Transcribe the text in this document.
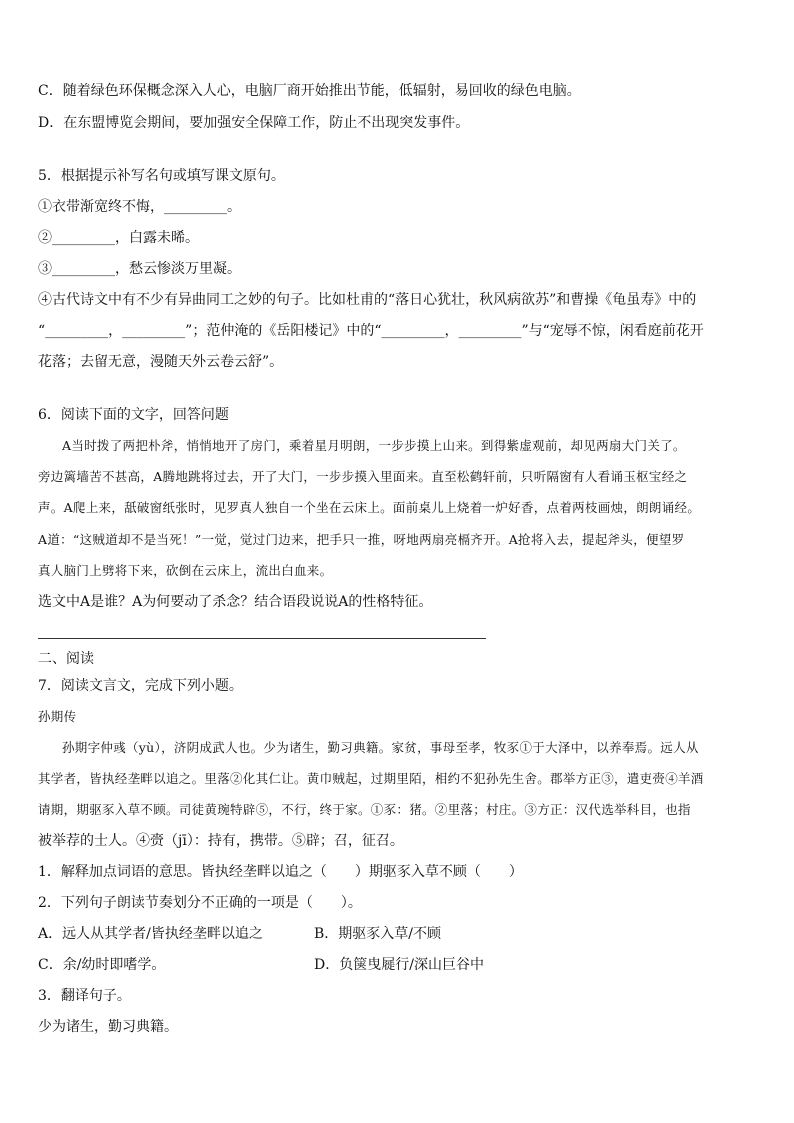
C．随着绿色环保概念深入人心，电脑厂商开始推出节能，低辐射，易回收的绿色电脑。
D．在东盟博览会期间，要加强安全保障工作，防止不出现突发事件。
5．根据提示补写名句或填写课文原句。
①衣带渐宽终不悔，_________。
②_________，白露未晞。
③_________，愁云惨淡万里凝。
④古代诗文中有不少有异曲同工之妙的句子。比如杜甫的“落日心犹壮，秋风病欲苏”和曹操《龟虽寿》中的
“_________，_________”；范仲淹的《岳阳楼记》中的“_________，_________”与“宠辱不惊，闲看庭前花开
花落；去留无意，漫随天外云卷云舒”。
6．阅读下面的文字，回答问题
A当时拨了两把朴斧，悄悄地开了房门，乘着星月明朗，一步步摸上山来。到得紫虚观前，却见两扇大门关了。
旁边篱墙苦不甚高，A腾地跳将过去，开了大门，一步步摸入里面来。直至松鹤轩前，只听隔窗有人看诵玉枢宝经之
声。A爬上来，舐破窗纸张时，见罗真人独自一个坐在云床上。面前桌儿上烧着一炉好香，点着两枝画烛，朗朗诵经。
A道：“这贼道却不是当死！”一觉，觉过门边来，把手只一推，呀地两扇亮槅齐开。A抢将入去，提起斧头，便望罗
真人脑门上劈将下来，砍倒在云床上，流出白血来。
选文中A是谁？A为何要动了杀念？结合语段说说A的性格特征。
二、阅读
7．阅读文言文，完成下列小题。
孙期传
孙期字仲彧（yù），济阴成武人也。少为诸生，勤习典籍。家贫，事母至孝，牧豕①于大泽中，以养奉焉。远人从
其学者，皆执经垄畔以追之。里落②化其仁让。黄巾贼起，过期里陌，相约不犯孙先生舍。郡举方正③，遣吏赍④羊酒
请期，期驱豕入草不顾。司徒黄琬特辟⑤，不行，终于家。①豕：猪。②里落；村庄。③方正：汉代选举科目，也指
被举荐的士人。④赍（jī）：持有，携带。⑤辟；召，征召。
1．解释加点词语的意思。皆执经垄畔以追之（　　）期驱豕入草不顾（　　）
2．下列句子朗读节奏划分不正确的一项是（　　）。
A．远人从其学者/皆执经垄畔以追之	B．期驱豕入草/不顾
C．余/幼时即嗜学。	D．负箧曳屣行/深山巨谷中
3．翻译句子。
少为诸生，勤习典籍。
